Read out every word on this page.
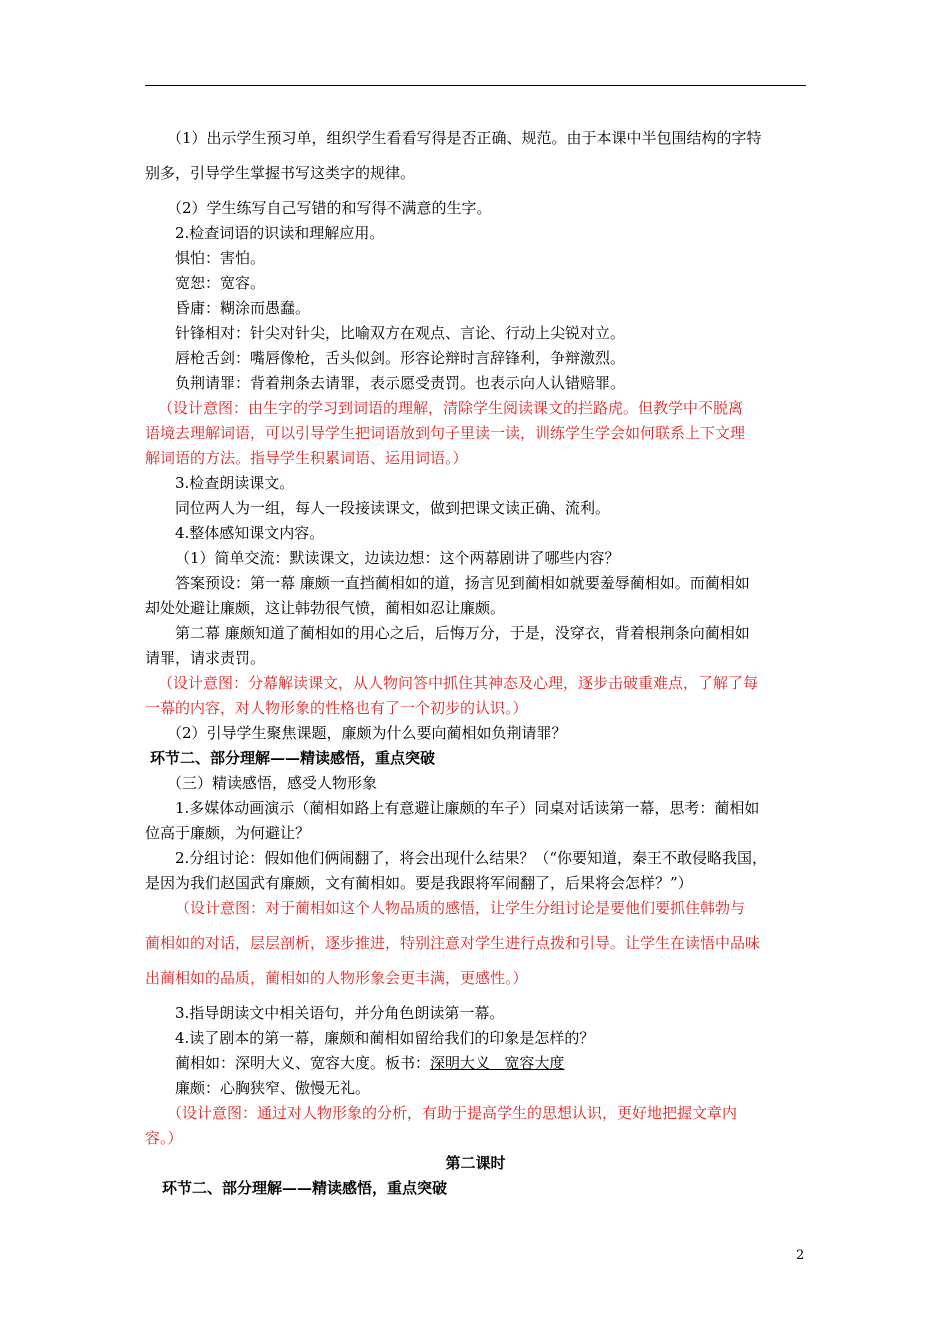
（1）出示学生预习单，组织学生看看写得是否正确、规范。由于本课中半包围结构的字特
别多，引导学生掌握书写这类字的规律。
（2）学生练写自己写错的和写得不满意的生字。
2.检查词语的识读和理解应用。
惧怕：害怕。
宽恕：宽容。
昏庸：糊涂而愚蠢。
针锋相对：针尖对针尖，比喻双方在观点、言论、行动上尖锐对立。
唇枪舌剑：嘴唇像枪，舌头似剑。形容论辩时言辞锋利，争辩激烈。
负荆请罪：背着荆条去请罪，表示愿受责罚。也表示向人认错赔罪。
（设计意图：由生字的学习到词语的理解，清除学生阅读课文的拦路虎。但教学中不脱离
语境去理解词语，可以引导学生把词语放到句子里读一读，训练学生学会如何联系上下文理
解词语的方法。指导学生积累词语、运用词语。）
3.检查朗读课文。
同位两人为一组，每人一段接读课文，做到把课文读正确、流利。
4.整体感知课文内容。
（1）简单交流：默读课文，边读边想：这个两幕剧讲了哪些内容？
答案预设：第一幕 廉颇一直挡蔺相如的道，扬言见到蔺相如就要羞辱蔺相如。而蔺相如
却处处避让廉颇，这让韩勃很气愤，蔺相如忍让廉颇。
第二幕 廉颇知道了蔺相如的用心之后，后悔万分，于是，没穿衣，背着根荆条向蔺相如
请罪，请求责罚。
（设计意图：分幕解读课文，从人物问答中抓住其神态及心理，逐步击破重难点，了解了每
一幕的内容，对人物形象的性格也有了一个初步的认识。）
（2）引导学生聚焦课题，廉颇为什么要向蔺相如负荆请罪？
环节二、部分理解——精读感悟，重点突破
（三）精读感悟，感受人物形象
1.多媒体动画演示（蔺相如路上有意避让廉颇的车子）同桌对话读第一幕，思考：蔺相如
位高于廉颇，为何避让？
2.分组讨论：假如他们俩闹翻了，将会出现什么结果？（“你要知道，秦王不敢侵略我国，
是因为我们赵国武有廉颇，文有蔺相如。要是我跟将军闹翻了，后果将会怎样？”）
（设计意图：对于蔺相如这个人物品质的感悟，让学生分组讨论是要他们要抓住韩勃与
蔺相如的对话，层层剖析，逐步推进，特别注意对学生进行点拨和引导。让学生在读悟中品味
出蔺相如的品质，蔺相如的人物形象会更丰满，更感性。）
3.指导朗读文中相关语句，并分角色朗读第一幕。
4.读了剧本的第一幕，廉颇和蔺相如留给我们的印象是怎样的？
蔺相如：深明大义、宽容大度。板书：深明大义 宽容大度
廉颇：心胸狭窄、傲慢无礼。
（设计意图：通过对人物形象的分析，有助于提高学生的思想认识，更好地把握文章内
容。）
第二课时
环节二、部分理解——精读感悟，重点突破
2
